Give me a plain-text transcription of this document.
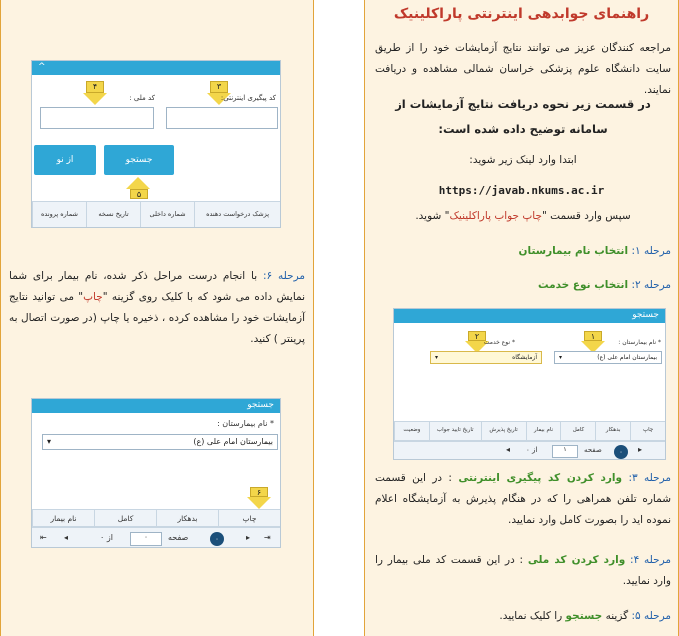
^
۳
۴
کد پیگیری اینترنتی:
کد ملی :
جستجو
از نو
۵
پزشک درخواست دهنده
شماره داخلی
تاریخ نسخه
شماره پرونده
مرحله ۶: با انجام درست مراحل ذکر شده، نام بیمار برای شما نمایش داده می شود که با کلیک روی گزینه "چاپ" می توانید نتایج آزمایشات خود را مشاهده کرده ، ذخیره یا چاپ (در صورت اتصال به پرینتر ) کنید.
جستجو
* نام بیمارستان :
بیمارستان امام علی (ع)
▾
۶
چاپ
بدهکار
کامل
نام بیمار
۰
صفحه
۰
از ۰	▸ ⇥
◂
⇤
راهنمای جوابدهی اینترنتی پاراکلینیک
مراجعه کنندگان عزیز می توانند نتایج آزمایشات خود را از طریق سایت دانشگاه علوم پزشکی خراسان شمالی مشاهده و دریافت نمایند.
در قسمت زیر نحوه دریافت نتایج آزمایشات از سامانه توضیح داده شده است:
ابتدا وارد لینک زیر شوید:
https://javab.nkums.ac.ir
سپس وارد قسمت "چاپ جواب پاراکلینیک" شوید.
مرحله ۱: انتخاب نام بیمارستان
مرحله ۲: انتخاب نوع خدمت
جستجو
۱
۲
* نام بیمارستان :
* نوع خدمت
بیمارستان امام علی (ع)
▾
آزمایشگاه
▾
چاپ
بدهکار
کامل
نام بیمار
تاریخ پذیرش
تاریخ تایید جواب
وضعیت
۰
صفحه
۱
از ۰	▸
◂
مرحله ۳: وارد کردن کد پیگیری اینترنتی : در این قسمت شماره تلفن همراهی را که در هنگام پذیرش به آزمایشگاه اعلام نموده اید را بصورت کامل وارد نمایید.
مرحله ۴: وارد کردن کد ملی : در این قسمت کد ملی بیمار را وارد نمایید.
مرحله ۵: گزینه جستجو را کلیک نمایید.
